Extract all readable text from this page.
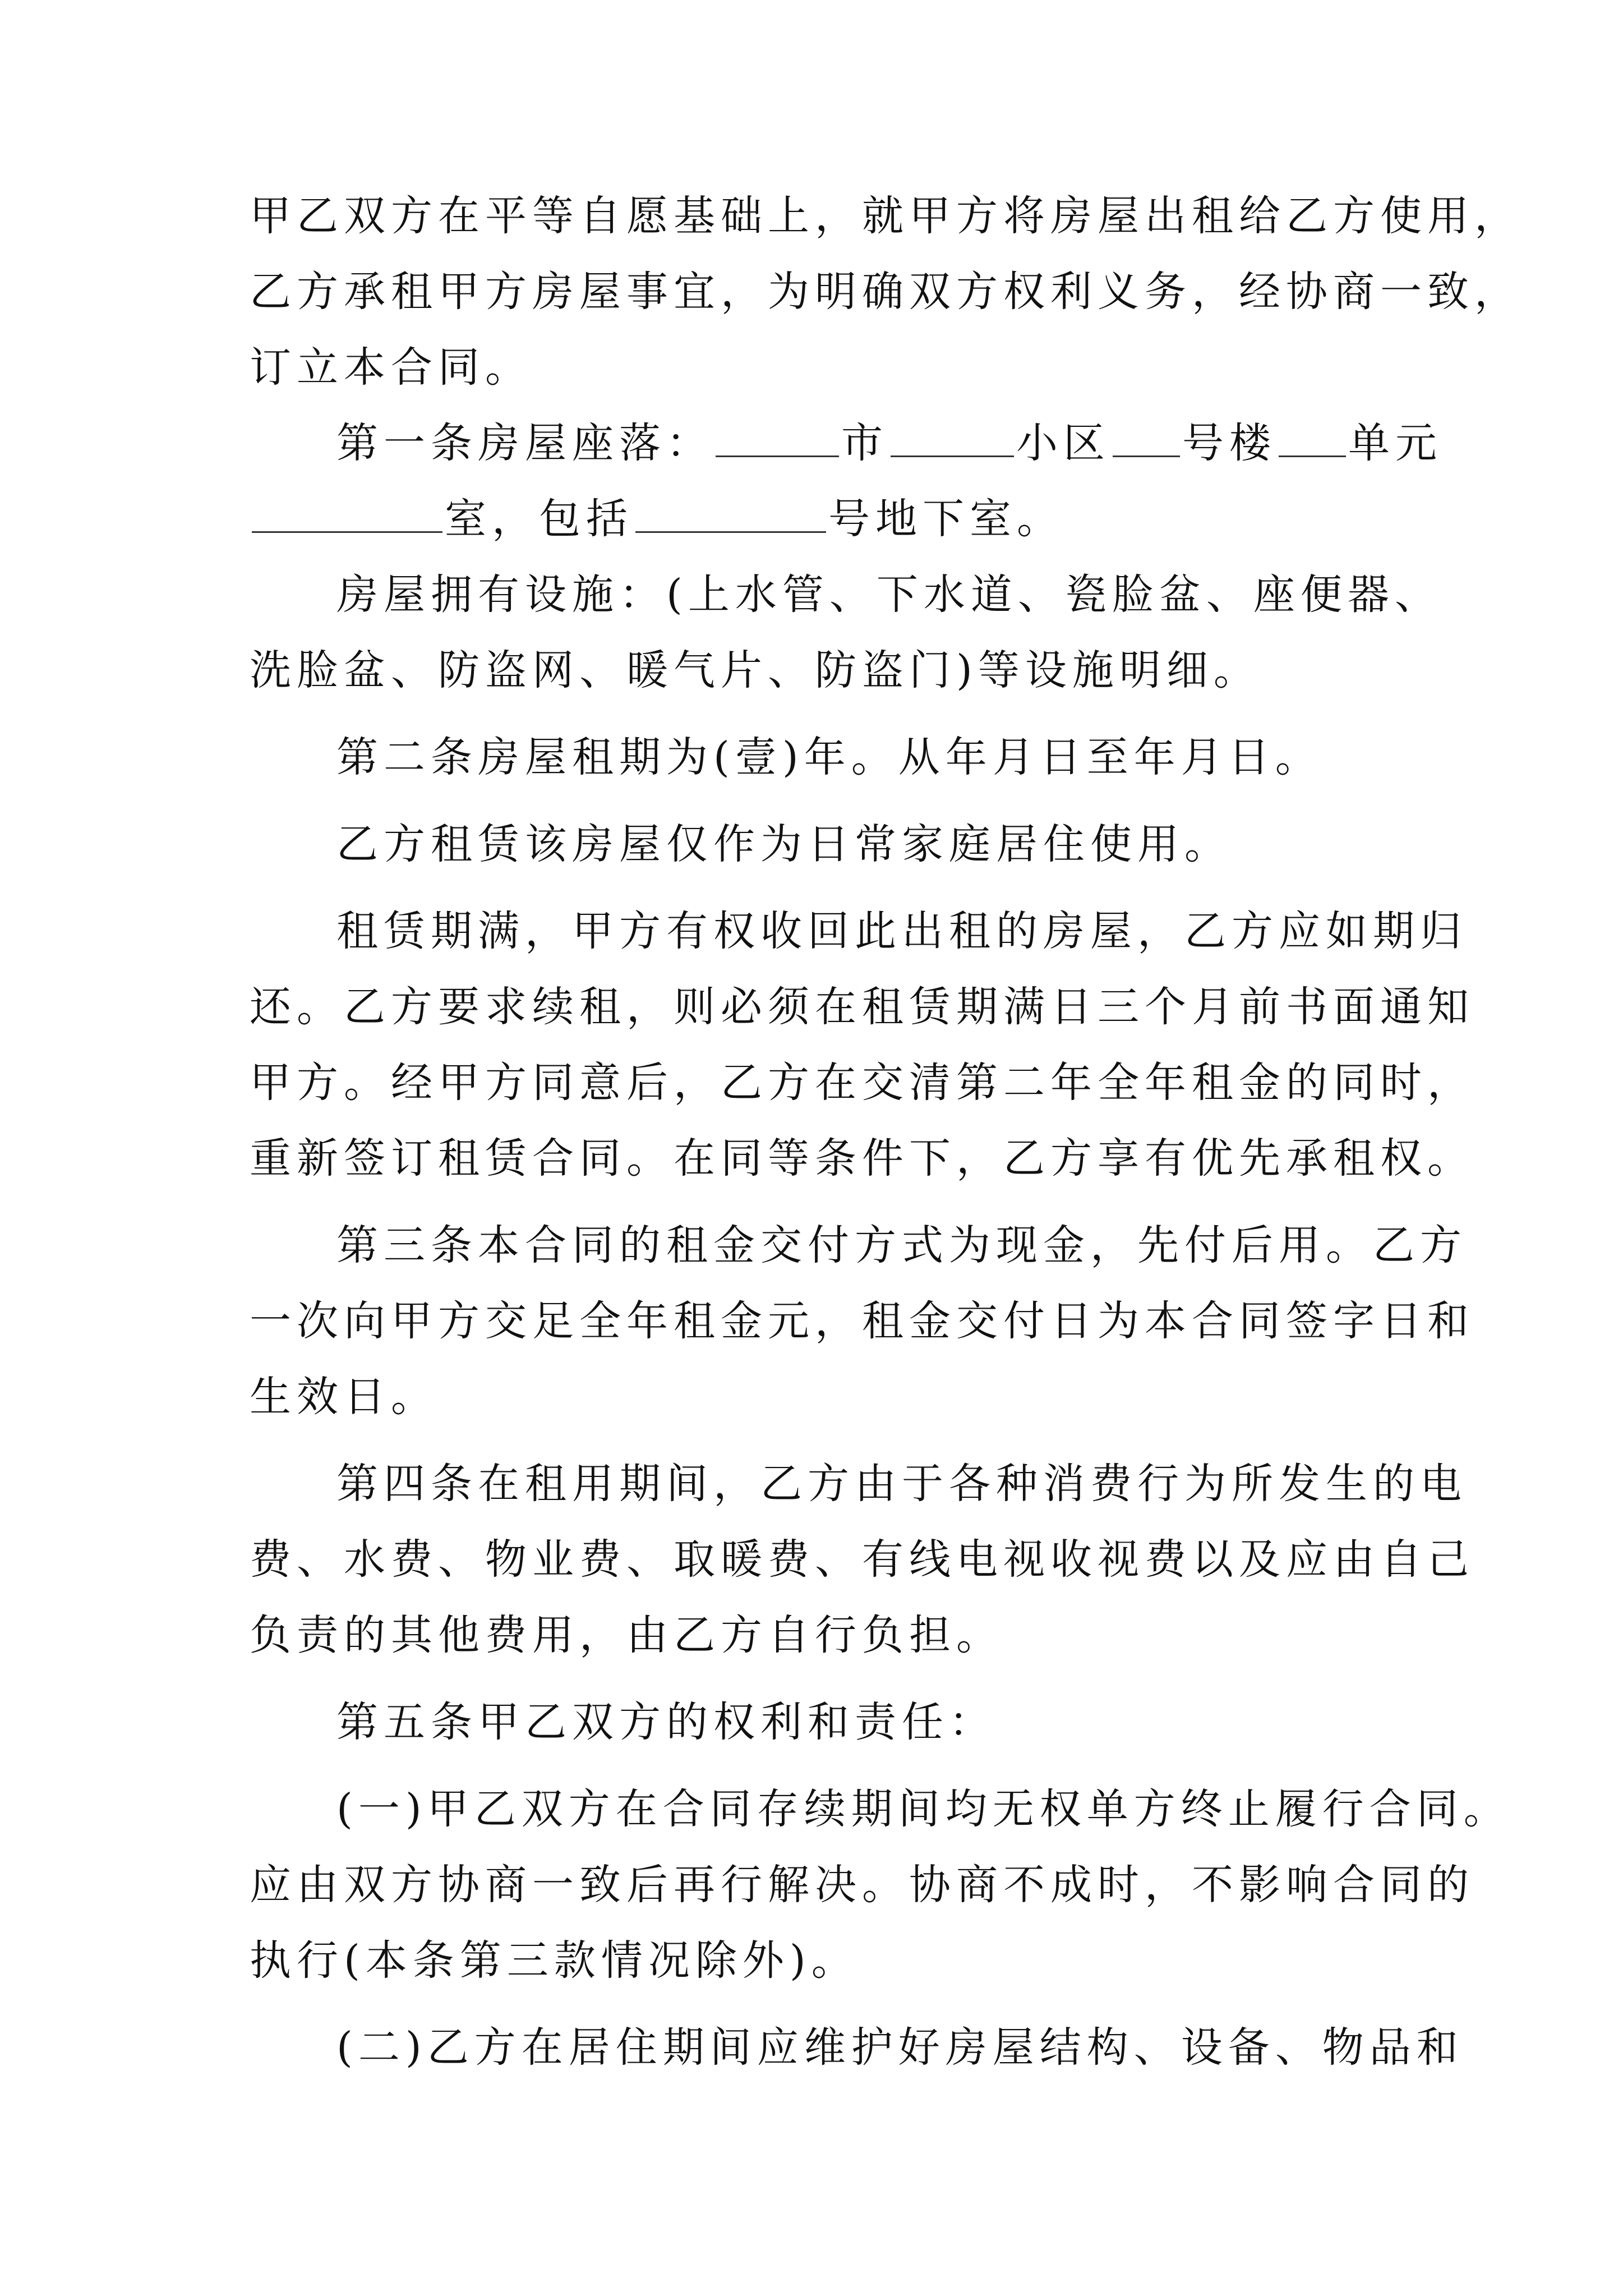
甲乙双方在平等自愿基础上，就甲方将房屋出租给乙方使用，
乙方承租甲方房屋事宜，为明确双方权利义务，经协商一致，
订立本合同。
第一条房屋座落：	市	小区 号楼 单元
室，包括	号地下室。
房屋拥有设施：(上水管、下水道、瓷脸盆、座便器、
洗脸盆、防盗网、暖气片、防盗门)等设施明细。
第二条房屋租期为(壹)年。从年月日至年月日。
乙方租赁该房屋仅作为日常家庭居住使用。
租赁期满，甲方有权收回此出租的房屋，乙方应如期归
还。乙方要求续租，则必须在租赁期满日三个月前书面通知
甲方。经甲方同意后，乙方在交清第二年全年租金的同时，
重新签订租赁合同。在同等条件下，乙方享有优先承租权。
第三条本合同的租金交付方式为现金，先付后用。乙方
一次向甲方交足全年租金元，租金交付日为本合同签字日和
生效日。
第四条在租用期间，乙方由于各种消费行为所发生的电
费、水费、物业费、取暖费、有线电视收视费以及应由自己
负责的其他费用，由乙方自行负担。
第五条甲乙双方的权利和责任：
(一)甲乙双方在合同存续期间均无权单方终止履行合同。
应由双方协商一致后再行解决。协商不成时，不影响合同的
执行(本条第三款情况除外)。
(二)乙方在居住期间应维护好房屋结构、设备、物品和
